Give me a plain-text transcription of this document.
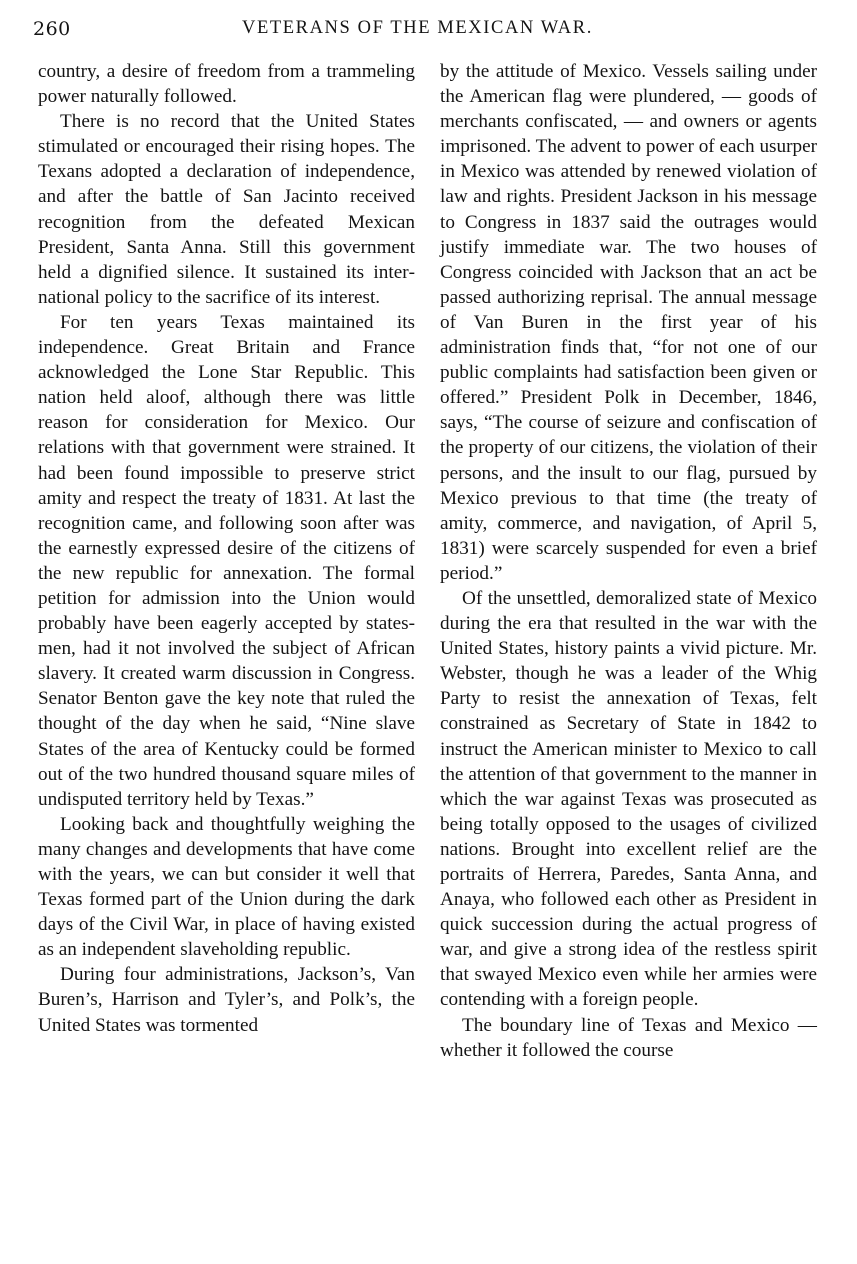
260	VETERANS OF THE MEXICAN WAR.

country, a desire of freedom from a trammeling power naturally followed.

There is no record that the United States stimulated or encouraged their rising hopes. The Texans adopted a declaration of independence, and after the battle of San Jacinto received recognition from the defeated Mexican President, Santa Anna. Still this government held a dignified silence. It sustained its international policy to the sacrifice of its interest.

For ten years Texas maintained its independence. Great Britain and France acknowledged the Lone Star Republic. This nation held aloof, although there was little reason for consideration for Mexico. Our relations with that government were strained. It had been found impossible to preserve strict amity and respect the treaty of 1831. At last the recognition came, and following soon after was the earnestly expressed desire of the citizens of the new republic for annexation. The formal petition for admission into the Union would probably have been eagerly accepted by statesmen, had it not involved the subject of African slavery. It created warm discussion in Congress. Senator Benton gave the key note that ruled the thought of the day when he said, “Nine slave States of the area of Kentucky could be formed out of the two hundred thousand square miles of undisputed territory held by Texas.”

Looking back and thoughtfully weighing the many changes and developments that have come with the years, we can but consider it well that Texas formed part of the Union during the dark days of the Civil War, in place of having existed as an independent slaveholding republic.

During four administrations, Jackson’s, Van Buren’s, Harrison and Tyler’s, and Polk’s, the United States was tormented

by the attitude of Mexico. Vessels sailing under the American flag were plundered, — goods of merchants confiscated, — and owners or agents imprisoned. The advent to power of each usurper in Mexico was attended by renewed violation of law and rights. President Jackson in his message to Congress in 1837 said the outrages would justify immediate war. The two houses of Congress coincided with Jackson that an act be passed authorizing reprisal. The annual message of Van Buren in the first year of his administration finds that, “for not one of our public complaints had satisfaction been given or offered.” President Polk in December, 1846, says, “The course of seizure and confiscation of the property of our citizens, the violation of their persons, and the insult to our flag, pursued by Mexico previous to that time (the treaty of amity, commerce, and navigation, of April 5, 1831) were scarcely suspended for even a brief period.”

Of the unsettled, demoralized state of Mexico during the era that resulted in the war with the United States, history paints a vivid picture. Mr. Webster, though he was a leader of the Whig Party to resist the annexation of Texas, felt constrained as Secretary of State in 1842 to instruct the American minister to Mexico to call the attention of that government to the manner in which the war against Texas was prosecuted as being totally opposed to the usages of civilized nations. Brought into excellent relief are the portraits of Herrera, Paredes, Santa Anna, and Anaya, who followed each other as President in quick succession during the actual progress of war, and give a strong idea of the restless spirit that swayed Mexico even while her armies were contending with a foreign people.

The boundary line of Texas and Mexico — whether it followed the course
